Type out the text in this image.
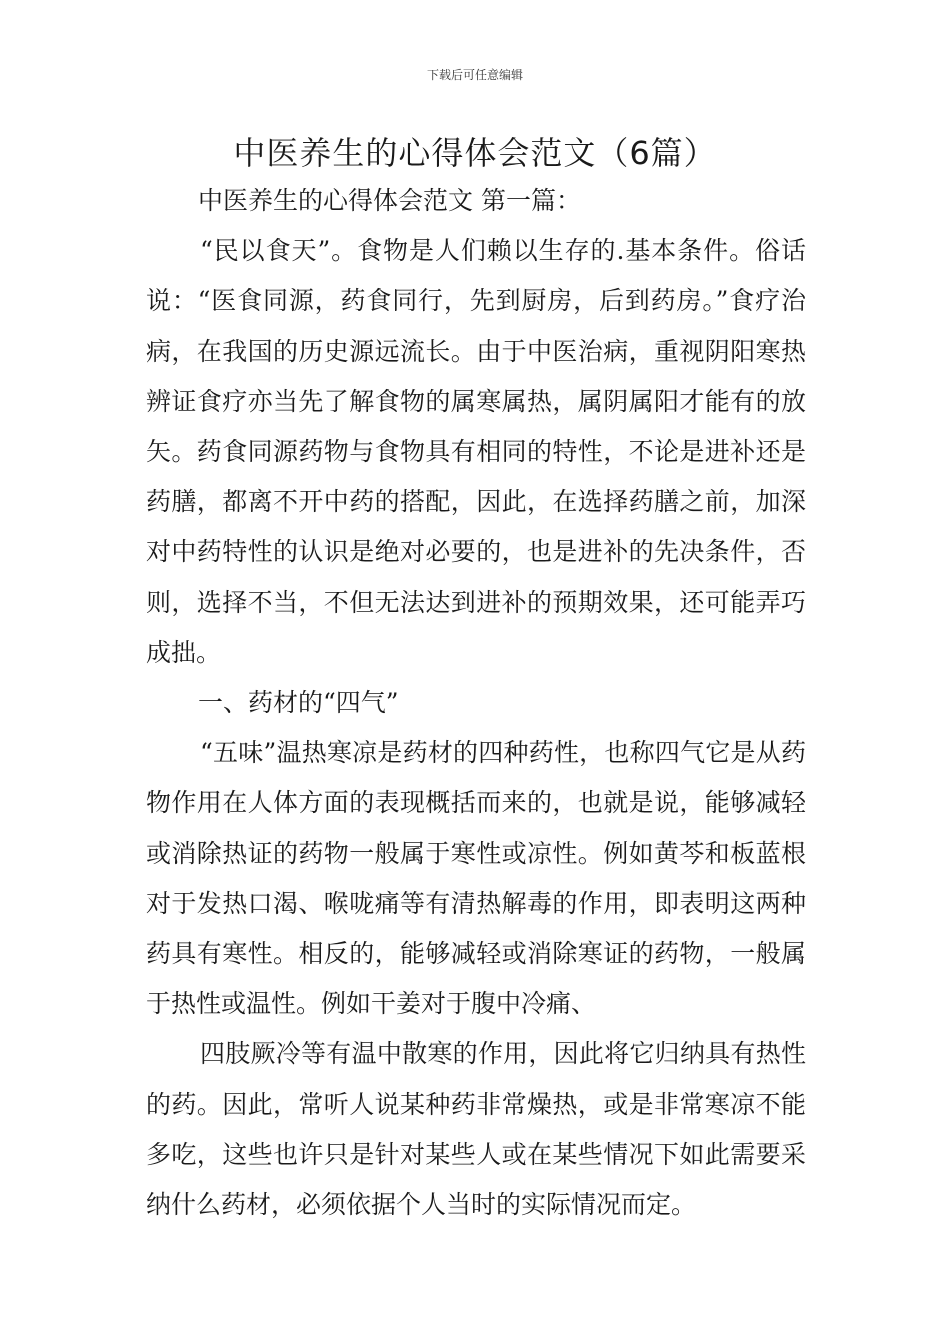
下载后可任意编辑
中医养生的心得体会范文（6篇）

中医养生的心得体会范文 第一篇：

“民以食天”。食物是人们赖以生存的.基本条件。俗话说：“医食同源，药食同行，先到厨房，后到药房。”食疗治病，在我国的历史源远流长。由于中医治病，重视阴阳寒热辨证食疗亦当先了解食物的属寒属热，属阴属阳才能有的放矢。药食同源药物与食物具有相同的特性，不论是进补还是药膳，都离不开中药的搭配，因此，在选择药膳之前，加深对中药特性的认识是绝对必要的，也是进补的先决条件，否则，选择不当，不但无法达到进补的预期效果，还可能弄巧成拙。

一、药材的“四气”

“五味”温热寒凉是药材的四种药性，也称四气它是从药物作用在人体方面的表现概括而来的，也就是说，能够减轻或消除热证的药物一般属于寒性或凉性。例如黄芩和板蓝根对于发热口渴、喉咙痛等有清热解毒的作用，即表明这两种药具有寒性。相反的，能够减轻或消除寒证的药物，一般属于热性或温性。例如干姜对于腹中冷痛、

四肢厥冷等有温中散寒的作用，因此将它归纳具有热性的药。因此，常听人说某种药非常燥热，或是非常寒凉不能多吃，这些也许只是针对某些人或在某些情况下如此需要采纳什么药材，必须依据个人当时的实际情况而定。
